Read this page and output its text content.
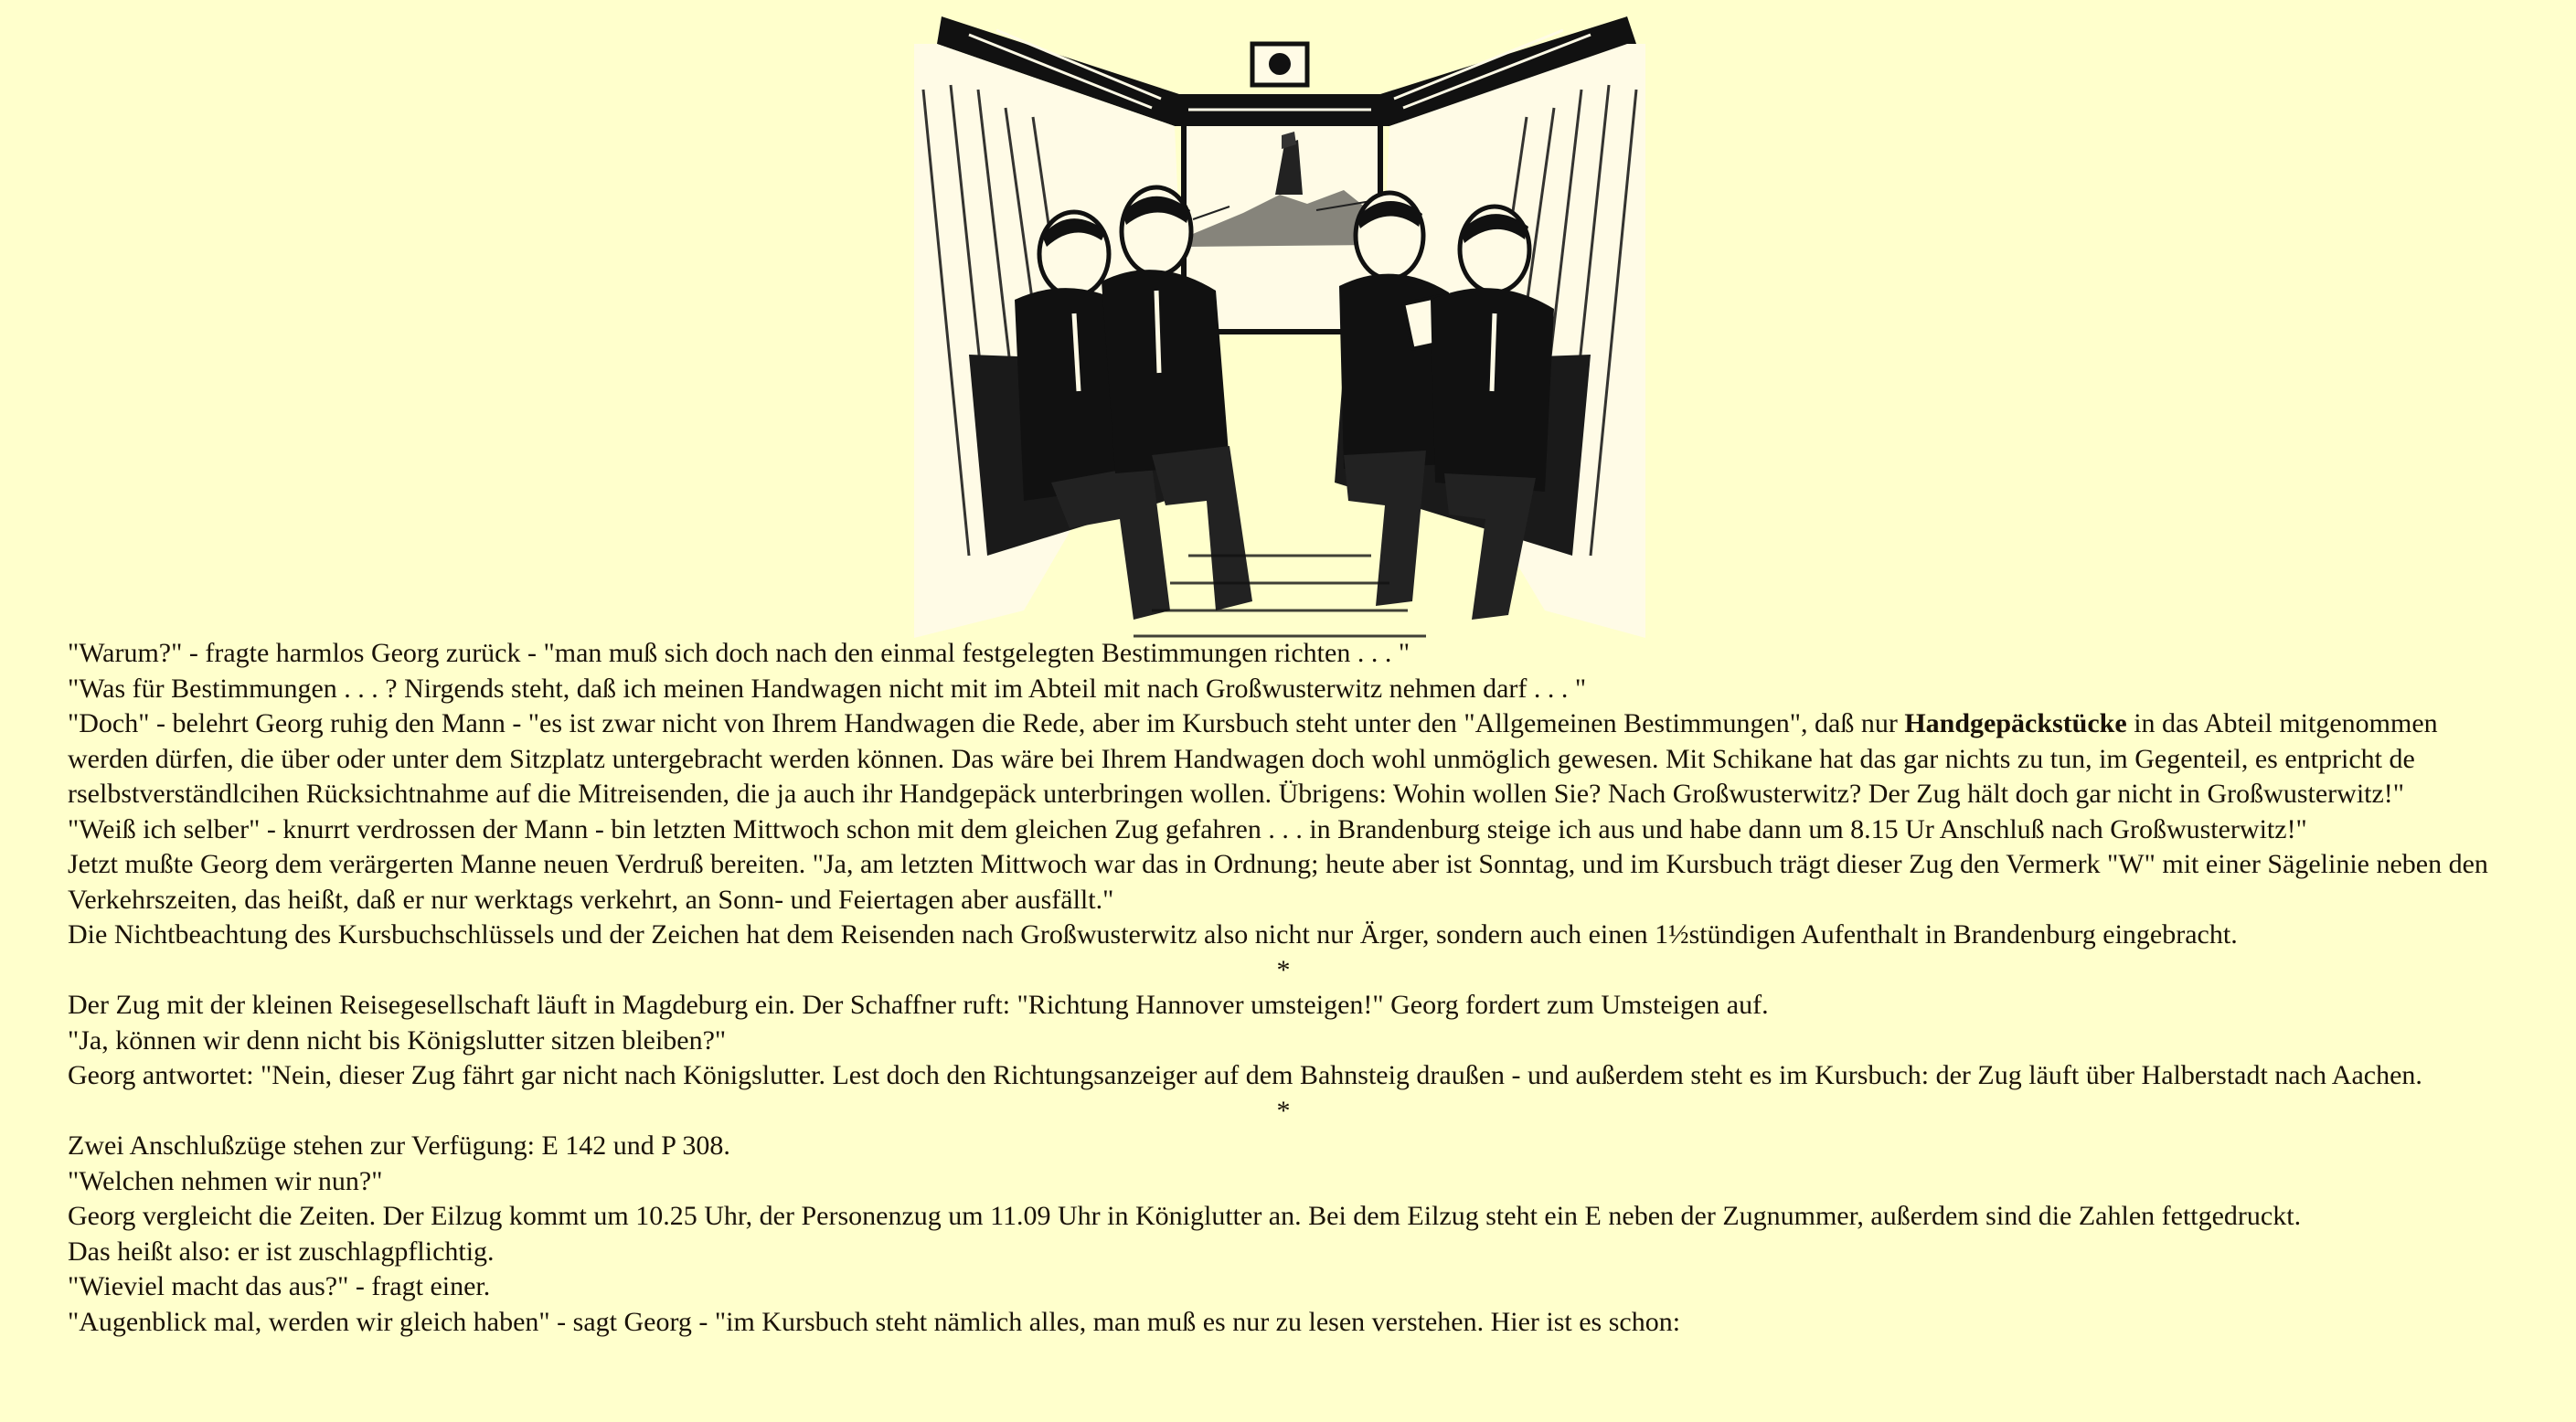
"Warum?" - fragte harmlos Georg zurück - "man muß sich doch nach den einmal festgelegten Bestimmungen richten . . . "

"Was für Bestimmungen . . . ? Nirgends steht, daß ich meinen Handwagen nicht mit im Abteil mit nach Großwusterwitz nehmen darf . . . "

"Doch" - belehrt Georg ruhig den Mann - "es ist zwar nicht von Ihrem Handwagen die Rede, aber im Kursbuch steht unter den "Allgemeinen Bestimmungen", daß nur Handgepäckstücke in das Abteil mitgenommen werden dürfen, die über oder unter dem Sitzplatz untergebracht werden können. Das wäre bei Ihrem Handwagen doch wohl unmöglich gewesen. Mit Schikane hat das gar nichts zu tun, im Gegenteil, es entpricht de rselbstverständlcihen Rücksichtnahme auf die Mitreisenden, die ja auch ihr Handgepäck unterbringen wollen. Übrigens: Wohin wollen Sie? Nach Großwusterwitz? Der Zug hält doch gar nicht in Großwusterwitz!"

"Weiß ich selber" - knurrt verdrossen der Mann - bin letzten Mittwoch schon mit dem gleichen Zug gefahren . . . in Brandenburg steige ich aus und habe dann um 8.15 Ur Anschluß nach Großwusterwitz!"

Jetzt mußte Georg dem verärgerten Manne neuen Verdruß bereiten. "Ja, am letzten Mittwoch war das in Ordnung; heute aber ist Sonntag, und im Kursbuch trägt dieser Zug den Vermerk "W" mit einer Sägelinie neben den Verkehrszeiten, das heißt, daß er nur werktags verkehrt, an Sonn- und Feiertagen aber ausfällt."

Die Nichtbeachtung des Kursbuchschlüssels und der Zeichen hat dem Reisenden nach Großwusterwitz also nicht nur Ärger, sondern auch einen 1½stündigen Aufenthalt in Brandenburg eingebracht.

*

Der Zug mit der kleinen Reisegesellschaft läuft in Magdeburg ein. Der Schaffner ruft: "Richtung Hannover umsteigen!" Georg fordert zum Umsteigen auf.

"Ja, können wir denn nicht bis Königslutter sitzen bleiben?"

Georg antwortet: "Nein, dieser Zug fährt gar nicht nach Königslutter. Lest doch den Richtungsanzeiger auf dem Bahnsteig draußen - und außerdem steht es im Kursbuch: der Zug läuft über Halberstadt nach Aachen.

*

Zwei Anschlußzüge stehen zur Verfügung: E 142 und P 308.

"Welchen nehmen wir nun?"

Georg vergleicht die Zeiten. Der Eilzug kommt um 10.25 Uhr, der Personenzug um 11.09 Uhr in Königlutter an. Bei dem Eilzug steht ein E neben der Zugnummer, außerdem sind die Zahlen fettgedruckt.

Das heißt also: er ist zuschlagpflichtig.

"Wieviel macht das aus?" - fragt einer.

"Augenblick mal, werden wir gleich haben" - sagt Georg - "im Kursbuch steht nämlich alles, man muß es nur zu lesen verstehen. Hier ist es schon:
